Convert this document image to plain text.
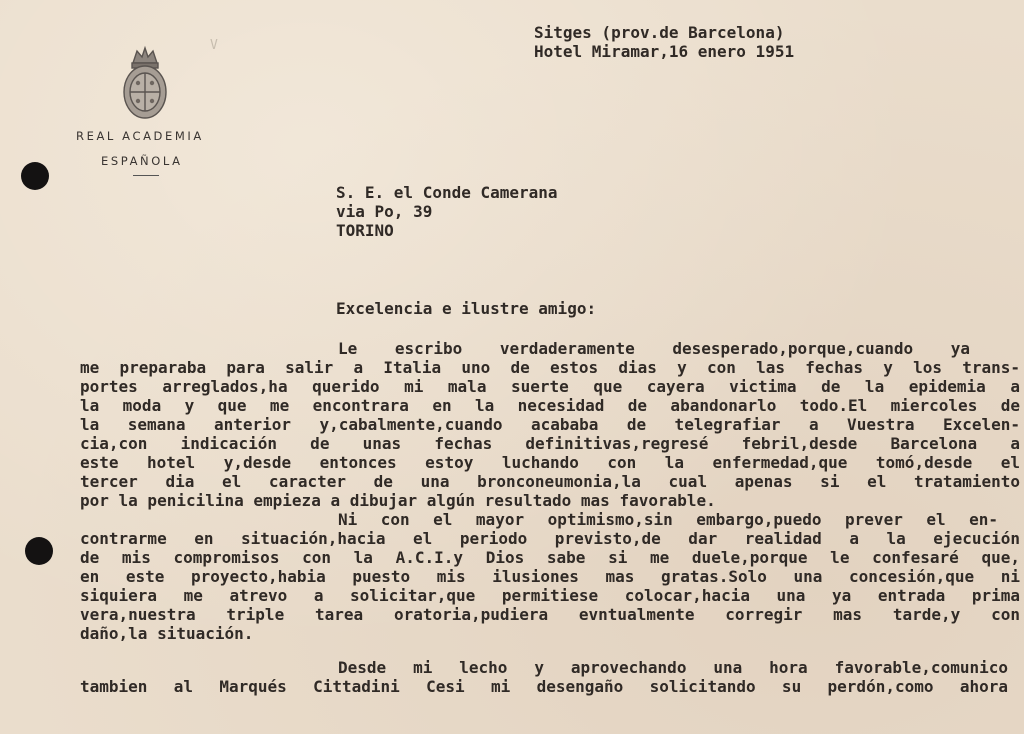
REAL ACADEMIA
ESPAÑOLA
V
Sitges (prov.de Barcelona)
Hotel Miramar,16 enero 1951
S. E. el Conde Camerana
via Po, 39
TORINO
Excelencia e ilustre amigo:
Le escribo verdaderamente desesperado,porque,cuando ya
me preparaba para salir a Italia uno de estos dias y con las fechas y los trans-
portes arreglados,ha querido mi mala suerte que cayera victima de la epidemia a
la moda y que me encontrara en la necesidad de abandonarlo todo.El miercoles de
la semana anterior y,cabalmente,cuando acababa de telegrafiar a Vuestra Excelen-
cia,con indicación de unas fechas definitivas,regresé febril,desde Barcelona a
este hotel y,desde entonces estoy luchando con la enfermedad,que tomó,desde el
tercer dia el caracter de una bronconeumonia,la cual apenas si el tratamiento
por la penicilina empieza a dibujar algún resultado mas favorable.
Ni con el mayor optimismo,sin embargo,puedo prever el en-
contrarme en situación,hacia el periodo previsto,de dar realidad a la ejecución
de mis compromisos con la A.C.I.y Dios sabe si me duele,porque le confesaré que,
en este proyecto,habia puesto mis ilusiones mas gratas.Solo una concesión,que ni
siquiera me atrevo a solicitar,que permitiese colocar,hacia una ya entrada prima
vera,nuestra triple tarea oratoria,pudiera evntualmente corregir mas tarde,y con
daño,la situación.
Desde mi lecho y aprovechando una hora favorable,comunico
tambien al Marqués Cittadini Cesi mi desengaño solicitando su perdón,como ahora
